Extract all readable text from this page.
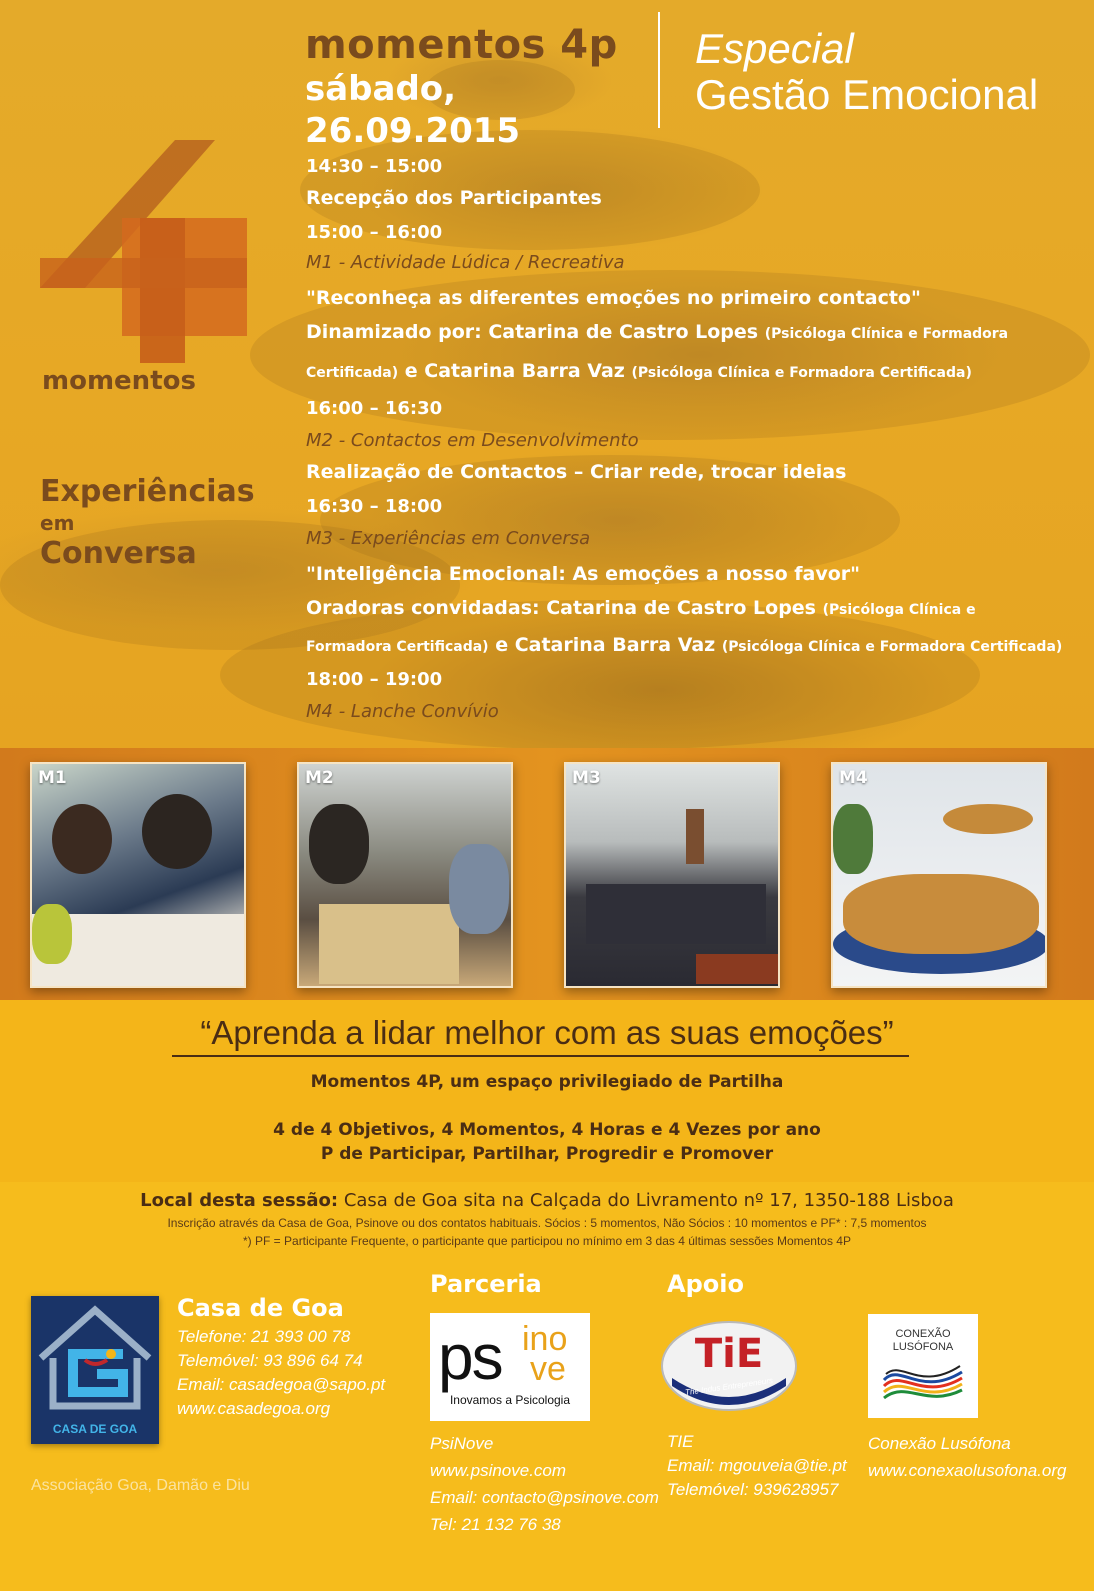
momentos 4p
sábado, 26.09.2015
Especial
Gestão Emocional
momentos
Experiências
em
Conversa
14:30 – 15:00
Recepção dos Participantes
15:00 – 16:00
M1 - Actividade Lúdica / Recreativa
"Reconheça as diferentes emoções no primeiro contacto"
Dinamizado por: Catarina de Castro Lopes (Psicóloga Clínica e Formadora
Certificada) e Catarina Barra Vaz (Psicóloga Clínica e Formadora Certificada)
16:00 – 16:30
M2 - Contactos em Desenvolvimento
Realização de Contactos – Criar rede, trocar ideias
16:30 – 18:00
M3 - Experiências em Conversa
"Inteligência Emocional: As emoções a nosso favor"
Oradoras convidadas: Catarina de Castro Lopes (Psicóloga Clínica e
Formadora Certificada) e Catarina Barra Vaz (Psicóloga Clínica e Formadora Certificada)
18:00 – 19:00
M4 - Lanche Convívio
M1	M2	M3	M4
“Aprenda a lidar melhor com as suas emoções”
Momentos 4P, um espaço privilegiado de Partilha
4 de 4 Objetivos, 4 Momentos, 4 Horas e 4 Vezes por ano
P de Participar, Partilhar, Progredir e Promover
Local desta sessão: Casa de Goa sita na Calçada do Livramento nº 17, 1350-188 Lisboa
Inscrição através da Casa de Goa, Psinove ou dos contatos habituais. Sócios : 5 momentos, Não Sócios : 10 momentos e PF* : 7,5 momentos
*) PF = Participante Frequente, o participante que participou no mínimo em 3 das 4 últimas sessões Momentos 4P
CASA DE GOA
Casa de Goa
Telefone: 21 393 00 78
Telemóvel: 93 896 64 74
Email: casadegoa@sapo.pt
www.casadegoa.org
Associação Goa, Damão e Diu
Parceria	Apoio
ps ino
ve
Inovamos a Psicologia
PsiNove
www.psinove.com
Email: contacto@psinove.com
Tel: 21 132 76 38
TiE
The Indus Entrepreneurs
TIE
Email: mgouveia@tie.pt
Telemóvel: 939628957
CONEXÃO
LUSÓFONA
Conexão Lusófona
www.conexaolusofona.org
